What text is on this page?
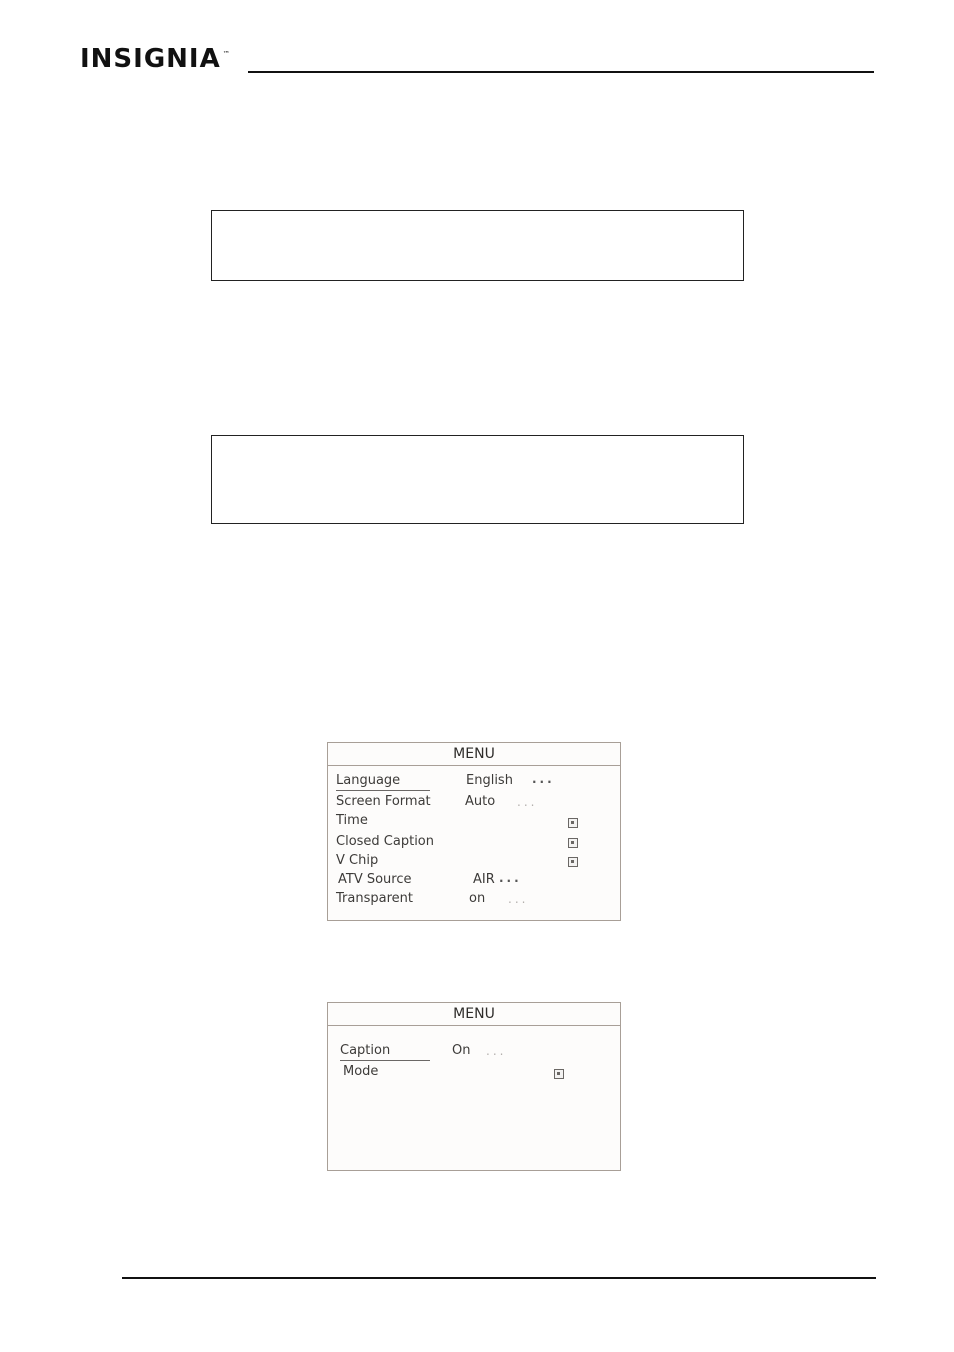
INSIGNIA ™
MENU
Language	English ...
Screen Format	Auto ...
Time
Closed Caption
V Chip
ATV Source	AIR ...
Transparent	on ...
MENU
Caption	On ...
Mode
